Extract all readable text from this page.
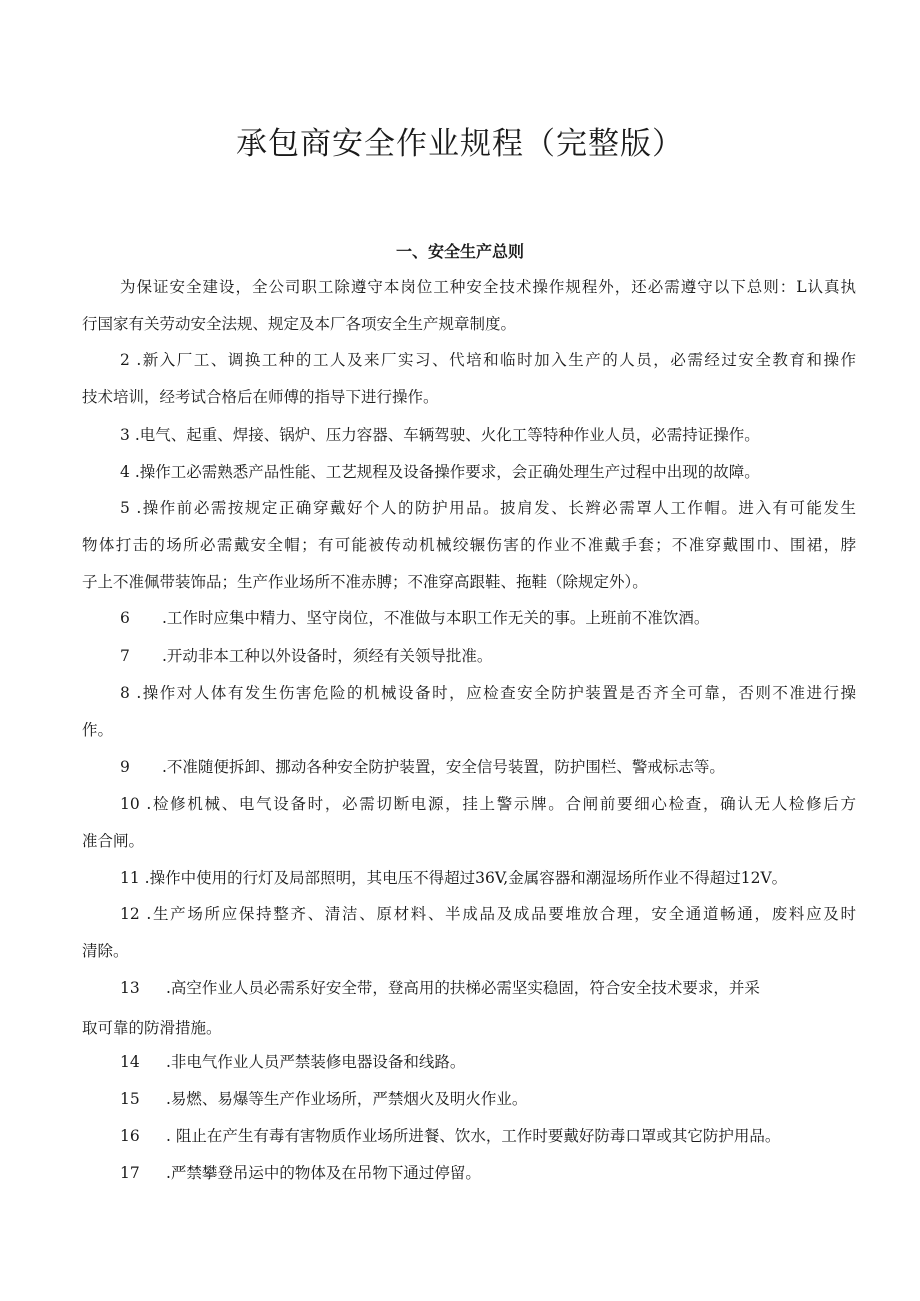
承包商安全作业规程（完整版）
一、安全生产总则

为保证安全建设，全公司职工除遵守本岗位工种安全技术操作规程外，还必需遵守以下总则：L认真执

行国家有关劳动安全法规、规定及本厂各项安全生产规章制度。

2 .新入厂工、调换工种的工人及来厂实习、代培和临时加入生产的人员，必需经过安全教育和操作

技术培训，经考试合格后在师傅的指导下进行操作。

3 .电气、起重、焊接、锅炉、压力容器、车辆驾驶、火化工等特种作业人员，必需持证操作。

4 .操作工必需熟悉产品性能、工艺规程及设备操作要求，会正确处理生产过程中出现的故障。

5 .操作前必需按规定正确穿戴好个人的防护用品。披肩发、长辫必需罩人工作帽。进入有可能发生

物体打击的场所必需戴安全帽；有可能被传动机械绞辗伤害的作业不准戴手套；不准穿戴围巾、围裙，脖

子上不准佩带装饰品；生产作业场所不准赤膊；不准穿高跟鞋、拖鞋（除规定外）。

6 .工作时应集中精力、坚守岗位，不准做与本职工作无关的事。上班前不准饮酒。

7 .开动非本工种以外设备时，须经有关领导批准。

8 .操作对人体有发生伤害危险的机械设备时，应检查安全防护装置是否齐全可靠，否则不准进行操

作。

9 .不准随便拆卸、挪动各种安全防护装置，安全信号装置，防护围栏、警戒标志等。

10 .检修机械、电气设备时，必需切断电源，挂上警示牌。合闸前要细心检查，确认无人检修后方

准合闸。

11 .操作中使用的行灯及局部照明，其电压不得超过36V,金属容器和潮湿场所作业不得超过12V。

12 .生产场所应保持整齐、清洁、原材料、半成品及成品要堆放合理，安全通道畅通，废料应及时

清除。

13 .高空作业人员必需系好安全带，登高用的扶梯必需坚实稳固，符合安全技术要求，并采

取可靠的防滑措施。

14 .非电气作业人员严禁装修电器设备和线路。

15 .易燃、易爆等生产作业场所，严禁烟火及明火作业。

16 . 阻止在产生有毒有害物质作业场所进餐、饮水，工作时要戴好防毒口罩或其它防护用品。

17 .严禁攀登吊运中的物体及在吊物下通过停留。
